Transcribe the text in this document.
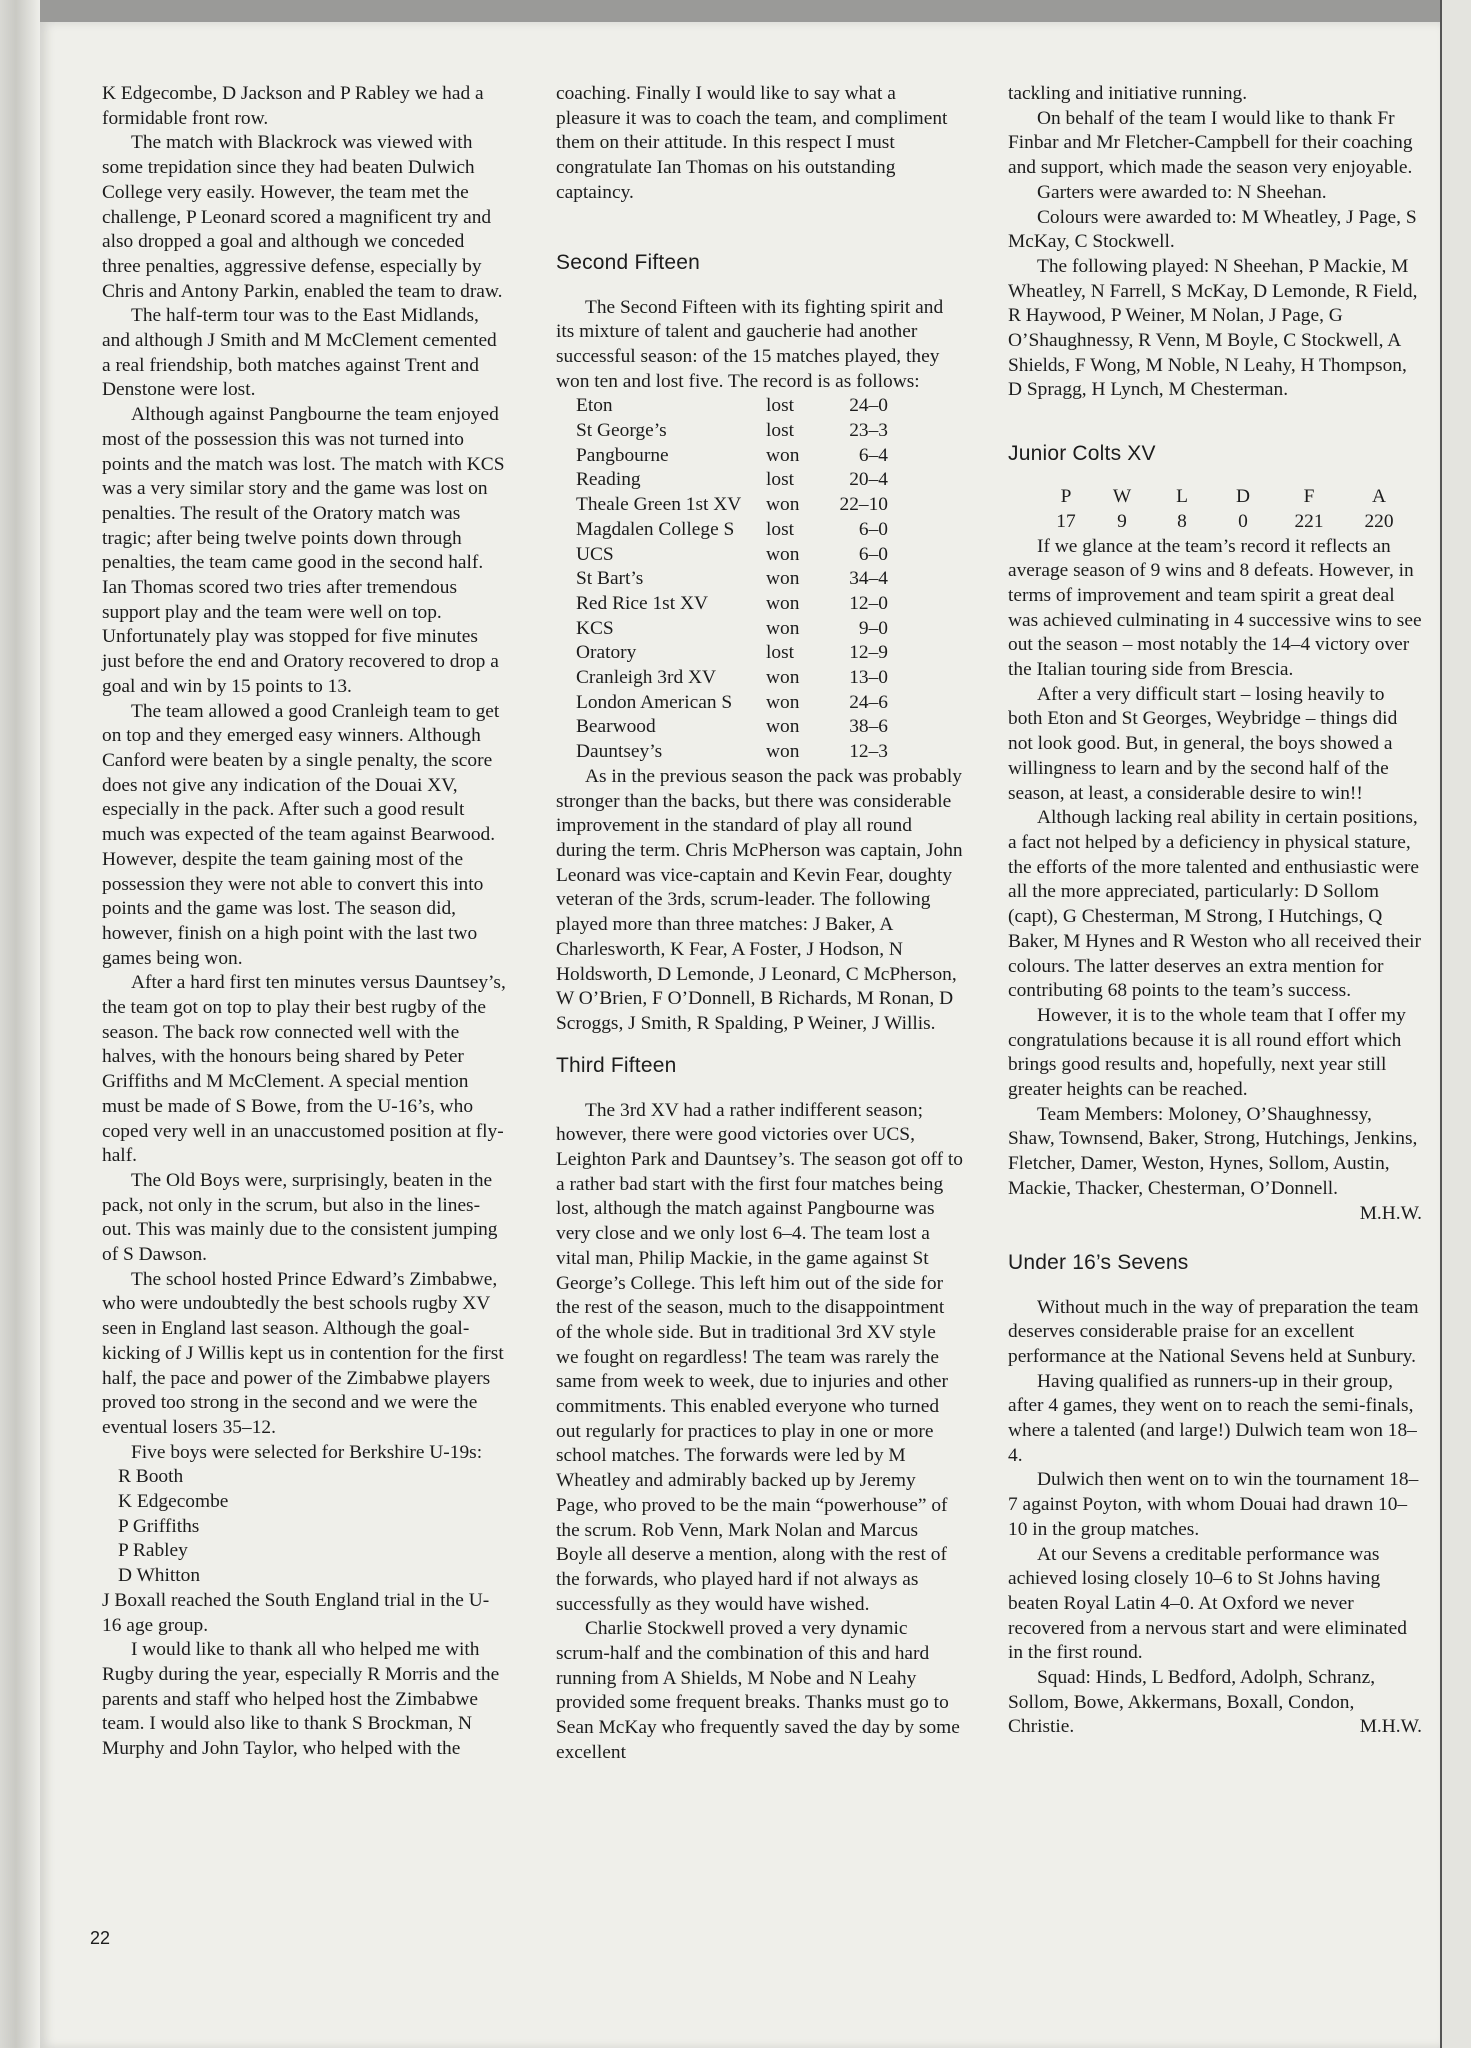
K Edgecombe, D Jackson and P Rabley we had a formidable front row.

The match with Blackrock was viewed with some trepidation since they had beaten Dulwich College very easily. However, the team met the challenge, P Leonard scored a magnificent try and also dropped a goal and although we conceded three penalties, aggressive defense, especially by Chris and Antony Parkin, enabled the team to draw.

The half-term tour was to the East Midlands, and although J Smith and M McClement cemented a real friendship, both matches against Trent and Denstone were lost.

Although against Pangbourne the team enjoyed most of the possession this was not turned into points and the match was lost. The match with KCS was a very similar story and the game was lost on penalties. The result of the Oratory match was tragic; after being twelve points down through penalties, the team came good in the second half. Ian Thomas scored two tries after tremendous support play and the team were well on top. Unfortunately play was stopped for five minutes just before the end and Oratory recovered to drop a goal and win by 15 points to 13.

The team allowed a good Cranleigh team to get on top and they emerged easy winners. Although Canford were beaten by a single penalty, the score does not give any indication of the Douai XV, especially in the pack. After such a good result much was expected of the team against Bearwood. However, despite the team gaining most of the possession they were not able to convert this into points and the game was lost. The season did, however, finish on a high point with the last two games being won.

After a hard first ten minutes versus Dauntsey’s, the team got on top to play their best rugby of the season. The back row connected well with the halves, with the honours being shared by Peter Griffiths and M McClement. A special mention must be made of S Bowe, from the U-16’s, who coped very well in an unaccustomed position at fly-half.

The Old Boys were, surprisingly, beaten in the pack, not only in the scrum, but also in the lines-out. This was mainly due to the consistent jumping of S Dawson.

The school hosted Prince Edward’s Zimbabwe, who were undoubtedly the best schools rugby XV seen in England last season. Although the goal-kicking of J Willis kept us in contention for the first half, the pace and power of the Zimbabwe players proved too strong in the second and we were the eventual losers 35–12.

Five boys were selected for Berkshire U-19s:

R Booth
K Edgecombe
P Griffiths
P Rabley
D Whitton

J Boxall reached the South England trial in the U-16 age group.

I would like to thank all who helped me with Rugby during the year, especially R Morris and the parents and staff who helped host the Zimbabwe team. I would also like to thank S Brockman, N Murphy and John Taylor, who helped with the

coaching. Finally I would like to say what a pleasure it was to coach the team, and compliment them on their attitude. In this respect I must congratulate Ian Thomas on his outstanding captaincy.

Second Fifteen

The Second Fifteen with its fighting spirit and its mixture of talent and gaucherie had another successful season: of the 15 matches played, they won ten and lost five. The record is as follows:

Eton	lost	24–0
St George’s	lost	23–3
Pangbourne	won	6–4
Reading	lost	20–4
Theale Green 1st XV	won	22–10
Magdalen College S	lost	6–0
UCS	won	6–0
St Bart’s	won	34–4
Red Rice 1st XV	won	12–0
KCS	won	9–0
Oratory	lost	12–9
Cranleigh 3rd XV	won	13–0
London American S	won	24–6
Bearwood	won	38–6
Dauntsey’s	won	12–3

As in the previous season the pack was probably stronger than the backs, but there was considerable improvement in the standard of play all round during the term. Chris McPherson was captain, John Leonard was vice-captain and Kevin Fear, doughty veteran of the 3rds, scrum-leader. The following played more than three matches: J Baker, A Charlesworth, K Fear, A Foster, J Hodson, N Holdsworth, D Lemonde, J Leonard, C McPherson, W O’Brien, F O’Donnell, B Richards, M Ronan, D Scroggs, J Smith, R Spalding, P Weiner, J Willis.

Third Fifteen

The 3rd XV had a rather indifferent season; however, there were good victories over UCS, Leighton Park and Dauntsey’s. The season got off to a rather bad start with the first four matches being lost, although the match against Pangbourne was very close and we only lost 6–4. The team lost a vital man, Philip Mackie, in the game against St George’s College. This left him out of the side for the rest of the season, much to the disappointment of the whole side. But in traditional 3rd XV style we fought on regardless! The team was rarely the same from week to week, due to injuries and other commitments. This enabled everyone who turned out regularly for practices to play in one or more school matches. The forwards were led by M Wheatley and admirably backed up by Jeremy Page, who proved to be the main “powerhouse” of the scrum. Rob Venn, Mark Nolan and Marcus Boyle all deserve a mention, along with the rest of the forwards, who played hard if not always as successfully as they would have wished.

Charlie Stockwell proved a very dynamic scrum-half and the combination of this and hard running from A Shields, M Nobe and N Leahy provided some frequent breaks. Thanks must go to Sean McKay who frequently saved the day by some excellent

tackling and initiative running.

On behalf of the team I would like to thank Fr Finbar and Mr Fletcher-Campbell for their coaching and support, which made the season very enjoyable.

Garters were awarded to: N Sheehan.

Colours were awarded to: M Wheatley, J Page, S McKay, C Stockwell.

The following played: N Sheehan, P Mackie, M Wheatley, N Farrell, S McKay, D Lemonde, R Field, R Haywood, P Weiner, M Nolan, J Page, G O’Shaughnessy, R Venn, M Boyle, C Stockwell, A Shields, F Wong, M Noble, N Leahy, H Thompson, D Spragg, H Lynch, M Chesterman.

Junior Colts XV
P	W	L	D	F	A
17	9	8	0	221	220

If we glance at the team’s record it reflects an average season of 9 wins and 8 defeats. However, in terms of improvement and team spirit a great deal was achieved culminating in 4 successive wins to see out the season – most notably the 14–4 victory over the Italian touring side from Brescia.

After a very difficult start – losing heavily to both Eton and St Georges, Weybridge – things did not look good. But, in general, the boys showed a willingness to learn and by the second half of the season, at least, a considerable desire to win!!

Although lacking real ability in certain positions, a fact not helped by a deficiency in physical stature, the efforts of the more talented and enthusiastic were all the more appreciated, particularly: D Sollom (capt), G Chesterman, M Strong, I Hutchings, Q Baker, M Hynes and R Weston who all received their colours. The latter deserves an extra mention for contributing 68 points to the team’s success.

However, it is to the whole team that I offer my congratulations because it is all round effort which brings good results and, hopefully, next year still greater heights can be reached.

Team Members: Moloney, O’Shaughnessy, Shaw, Townsend, Baker, Strong, Hutchings, Jenkins, Fletcher, Damer, Weston, Hynes, Sollom, Austin, Mackie, Thacker, Chesterman, O’Donnell.
M.H.W.

Under 16’s Sevens

Without much in the way of preparation the team deserves considerable praise for an excellent performance at the National Sevens held at Sunbury.

Having qualified as runners-up in their group, after 4 games, they went on to reach the semi-finals, where a talented (and large!) Dulwich team won 18–4.

Dulwich then went on to win the tournament 18–7 against Poyton, with whom Douai had drawn 10–10 in the group matches.

At our Sevens a creditable performance was achieved losing closely 10–6 to St Johns having beaten Royal Latin 4–0. At Oxford we never recovered from a nervous start and were eliminated in the first round.

Squad: Hinds, L Bedford, Adolph, Schranz, Sollom, Bowe, Akkermans, Boxall, Condon, Christie.	M.H.W.

22
